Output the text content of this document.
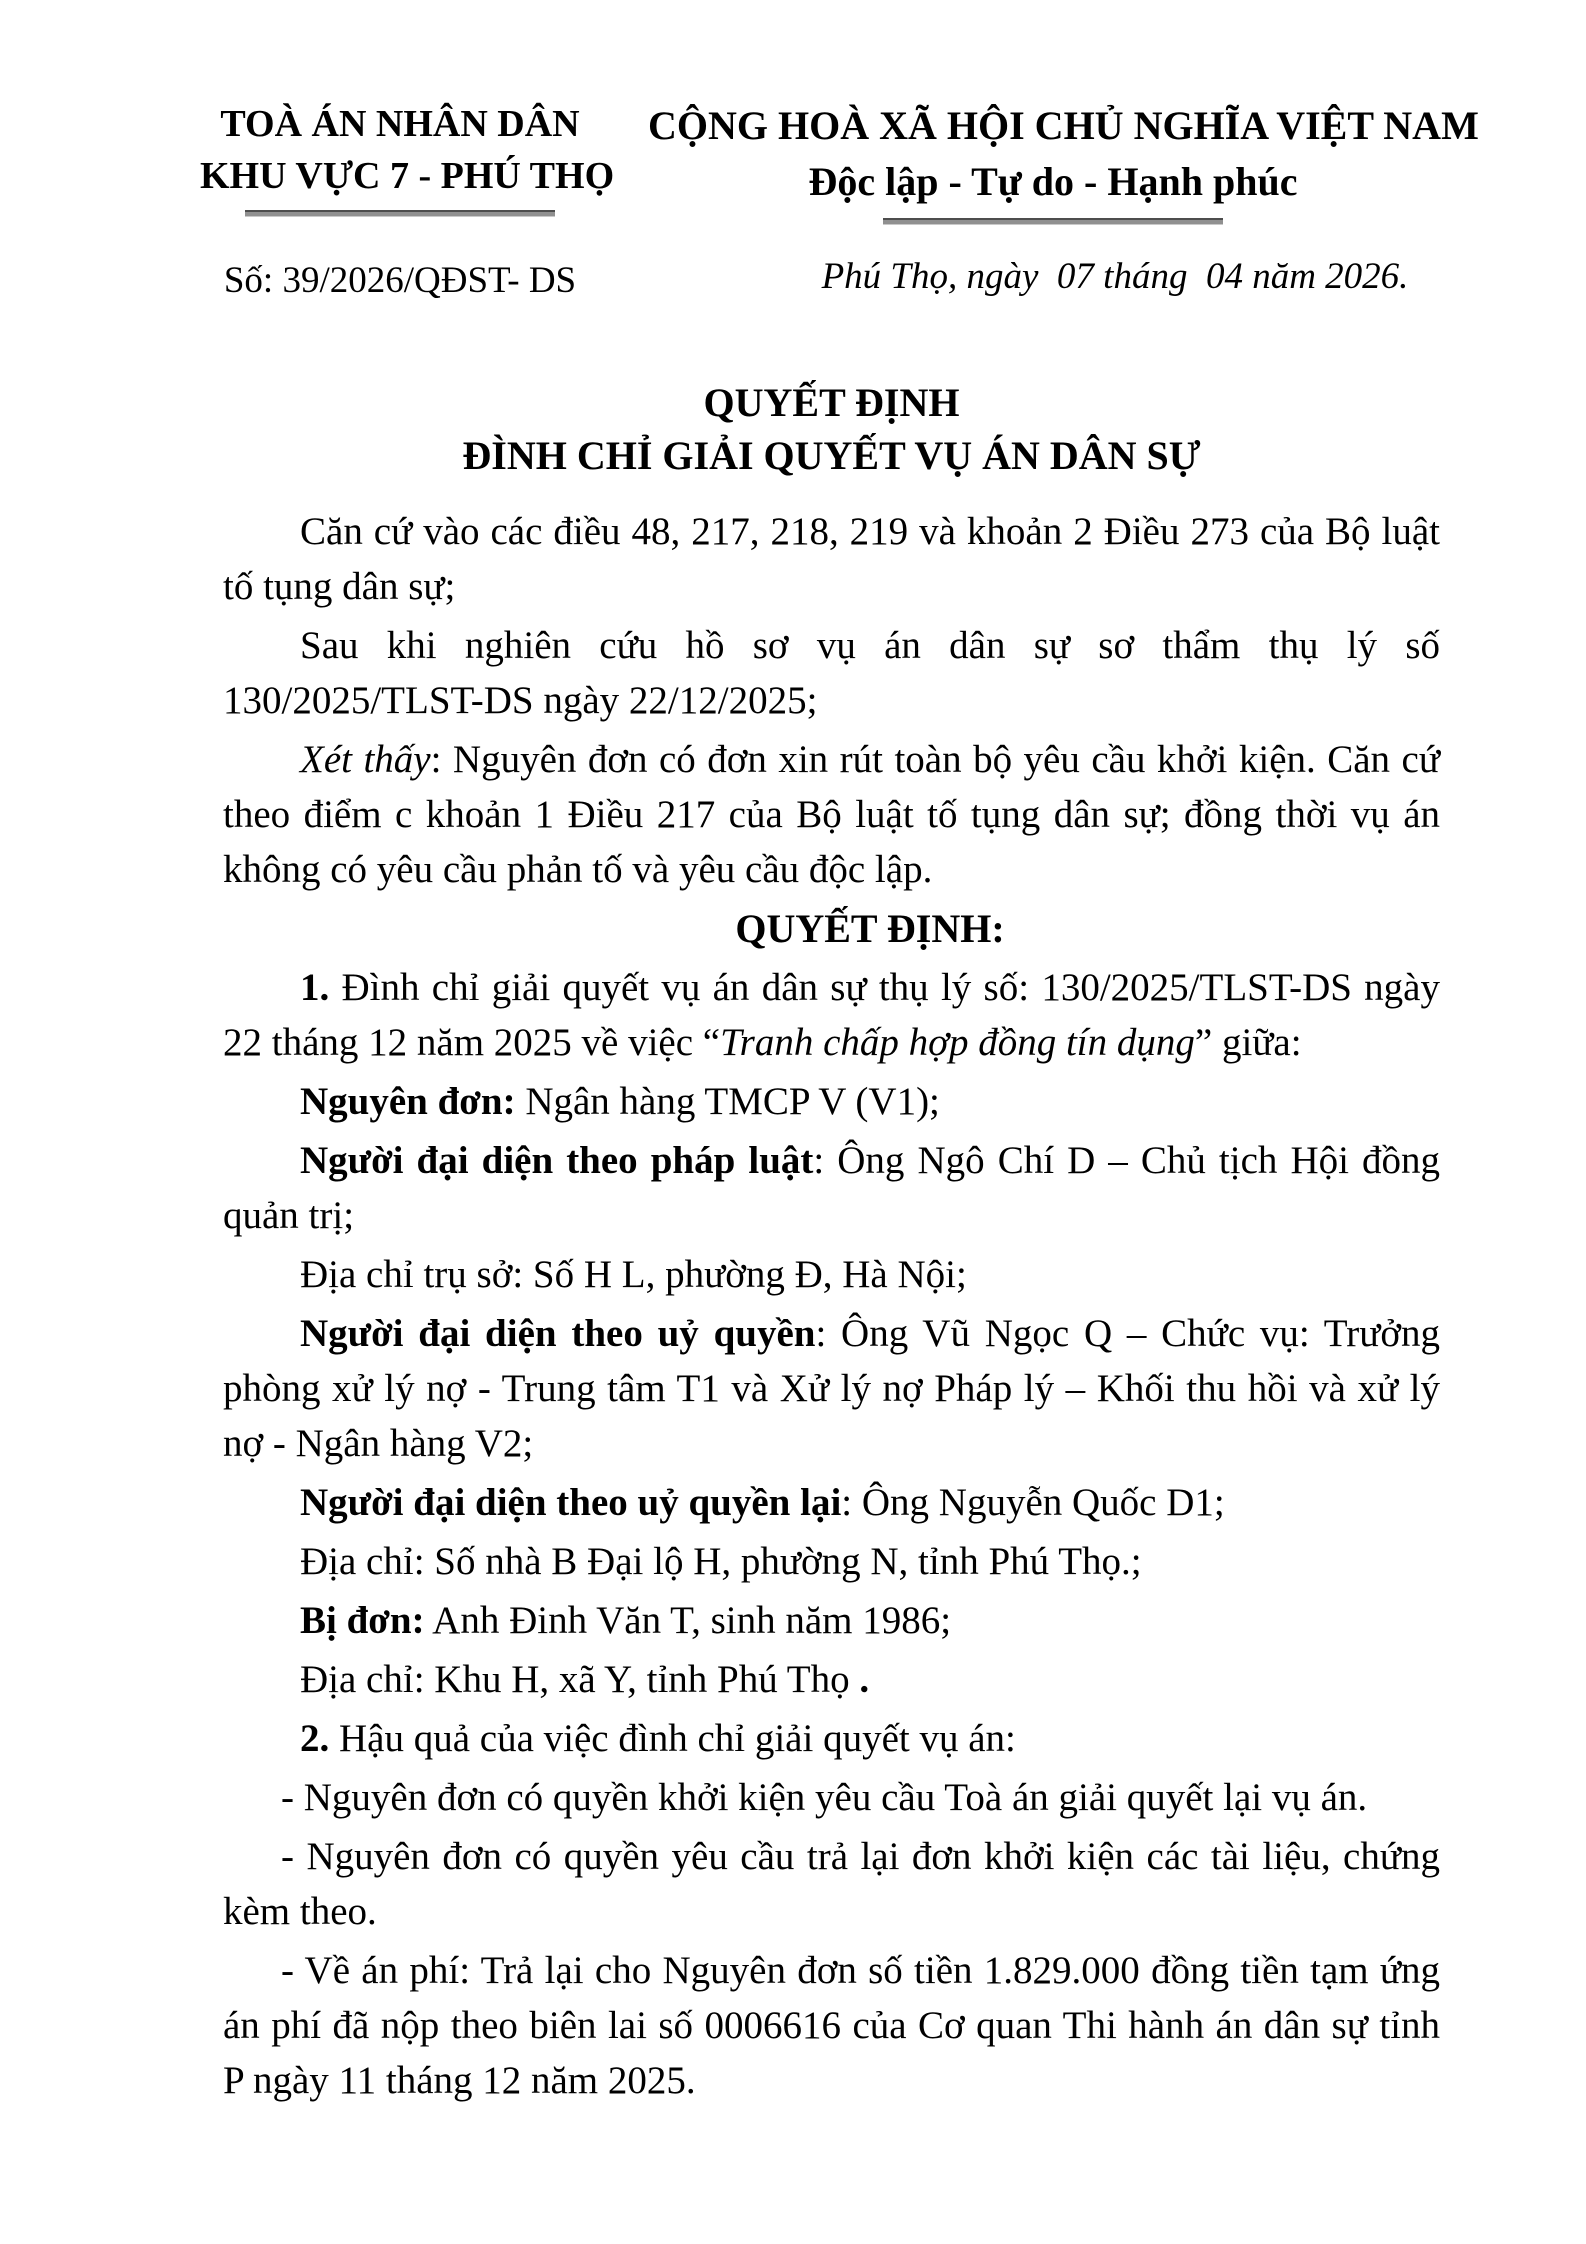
TOÀ ÁN NHÂN DÂN
KHU VỰC 7 - PHÚ THỌ
Số: 39/2026/QĐST- DS
CỘNG HOÀ XÃ HỘI CHỦ NGHĨA VIỆT NAM
Độc lập - Tự do - Hạnh phúc
Phú Thọ, ngày  07 tháng  04 năm 2026.
QUYẾT ĐỊNH
ĐÌNH CHỈ GIẢI QUYẾT VỤ ÁN DÂN SỰ

Căn cứ vào các điều 48, 217, 218, 219 và khoản 2 Điều 273 của Bộ luật tố tụng dân sự;

Sau khi nghiên cứu hồ sơ vụ án dân sự sơ thẩm thụ lý số 130/2025/TLST-DS ngày 22/12/2025;

Xét thấy: Nguyên đơn có đơn xin rút toàn bộ yêu cầu khởi kiện. Căn cứ theo điểm c khoản 1 Điều 217 của Bộ luật tố tụng dân sự; đồng thời vụ án không có yêu cầu phản tố và yêu cầu độc lập.

QUYẾT ĐỊNH:

1. Đình chỉ giải quyết vụ án dân sự thụ lý số: 130/2025/TLST-DS ngày 22 tháng 12 năm 2025 về việc “Tranh chấp hợp đồng tín dụng” giữa:

Nguyên đơn: Ngân hàng TMCP V (V1);

Người đại diện theo pháp luật: Ông Ngô Chí D – Chủ tịch Hội đồng quản trị;

Địa chỉ trụ sở: Số H L, phường Đ, Hà Nội;

Người đại diện theo uỷ quyền: Ông Vũ Ngọc Q – Chức vụ: Trưởng phòng xử lý nợ - Trung tâm T1 và Xử lý nợ Pháp lý – Khối thu hồi và xử lý nợ - Ngân hàng V2;

Người đại diện theo uỷ quyền lại: Ông Nguyễn Quốc D1;

Địa chỉ: Số nhà B Đại lộ H, phường N, tỉnh Phú Thọ.;

Bị đơn: Anh Đinh Văn T, sinh năm 1986;

Địa chỉ: Khu H, xã Y, tỉnh Phú Thọ .

2. Hậu quả của việc đình chỉ giải quyết vụ án:

- Nguyên đơn có quyền khởi kiện yêu cầu Toà án giải quyết lại vụ án.

- Nguyên đơn có quyền yêu cầu trả lại đơn khởi kiện các tài liệu, chứng kèm theo.

- Về án phí: Trả lại cho Nguyên đơn số tiền 1.829.000 đồng tiền tạm ứng án phí đã nộp theo biên lai số 0006616 của Cơ quan Thi hành án dân sự tỉnh P ngày 11 tháng 12 năm 2025.
